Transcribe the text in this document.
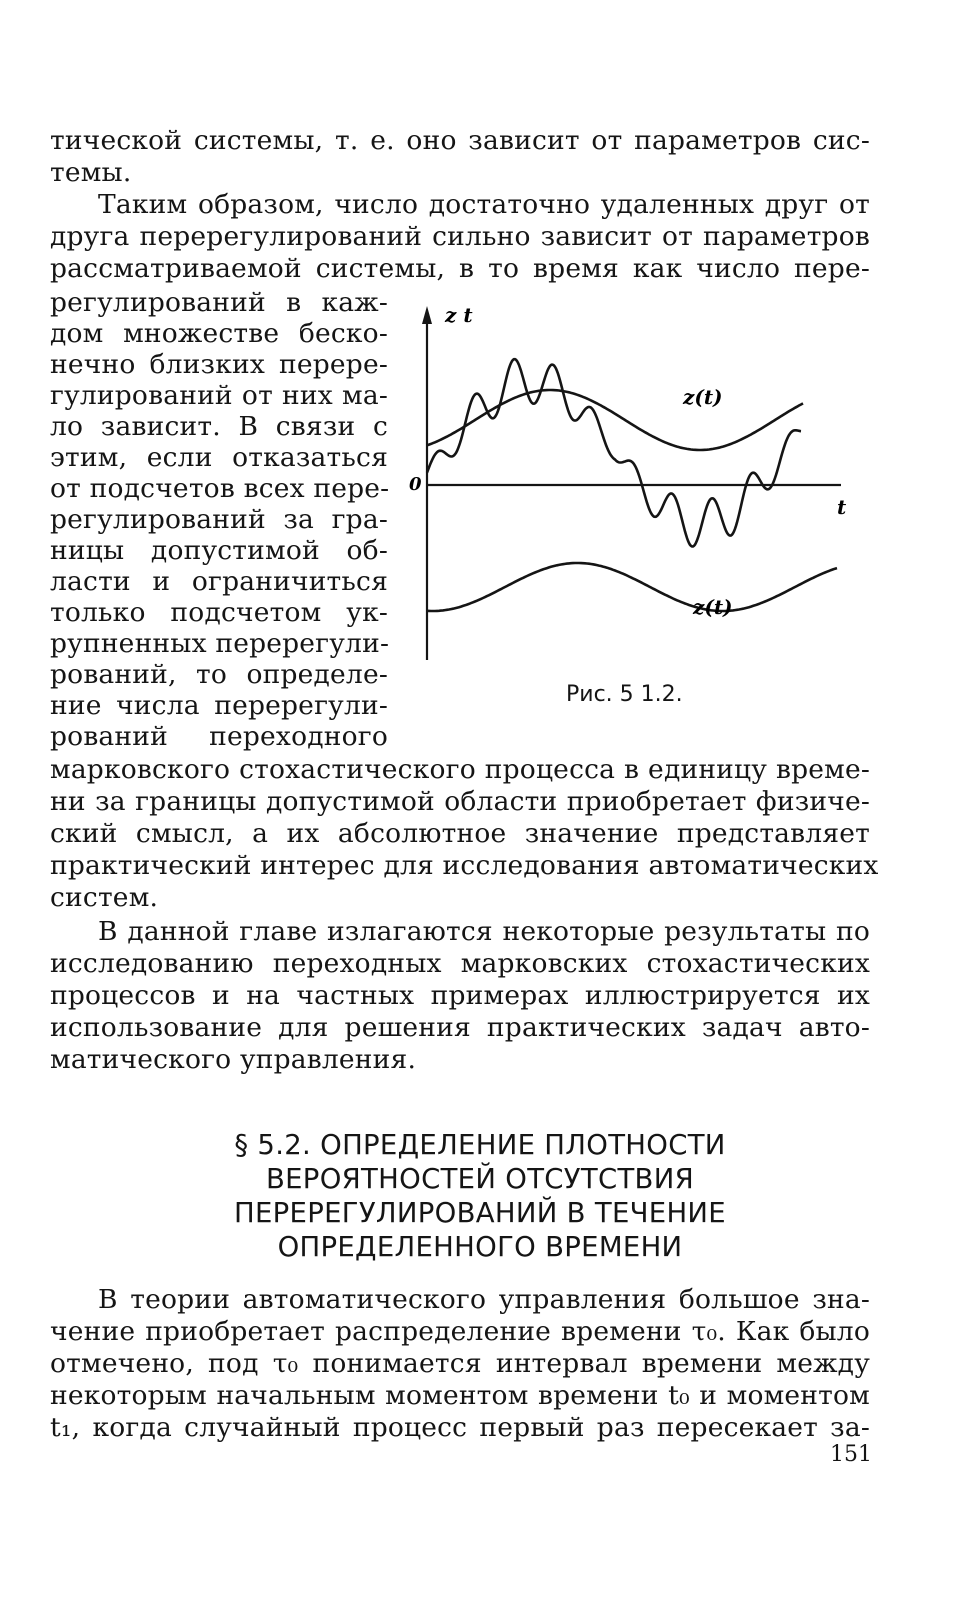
тической системы, т. е. оно зависит от параметров сис-
темы.
Таким образом, число достаточно удаленных друг от
друга перерегулирований сильно зависит от параметров
рассматриваемой системы, в то время как число пере-
регулирований в каж-
дом множестве беско-
нечно близких перере-
гулирований от них ма-
ло зависит. В связи с
этим, если отказаться
от подсчетов всех пере-
регулирований за гра-
ницы допустимой об-
ласти и ограничиться
только подсчетом ук-
рупненных перерегули-
рований, то определе-
ние числа перерегули-
рований переходного
z t
t
0
z(t)
z(t)
Рис. 5 1.2.
марковского стохастического процесса в единицу време-
ни за границы допустимой области приобретает физиче-
ский смысл, а их абсолютное значение представляет
практический интерес для исследования автоматических
систем.
В данной главе излагаются некоторые результаты по
исследованию переходных марковских стохастических
процессов и на частных примерах иллюстрируется их
использование для решения практических задач авто-
матического управления.
§ 5.2. ОПРЕДЕЛЕНИЕ ПЛОТНОСТИ
ВЕРОЯТНОСТЕЙ ОТСУТСТВИЯ
ПЕРЕРЕГУЛИРОВАНИЙ В ТЕЧЕНИЕ
ОПРЕДЕЛЕННОГО ВРЕМЕНИ
В теории автоматического управления большое зна-
чение приобретает распределение времени τ₀. Как было
отмечено, под τ₀ понимается интервал времени между
некоторым начальным моментом времени t₀ и моментом
t₁, когда случайный процесс первый раз пересекает за-
151
